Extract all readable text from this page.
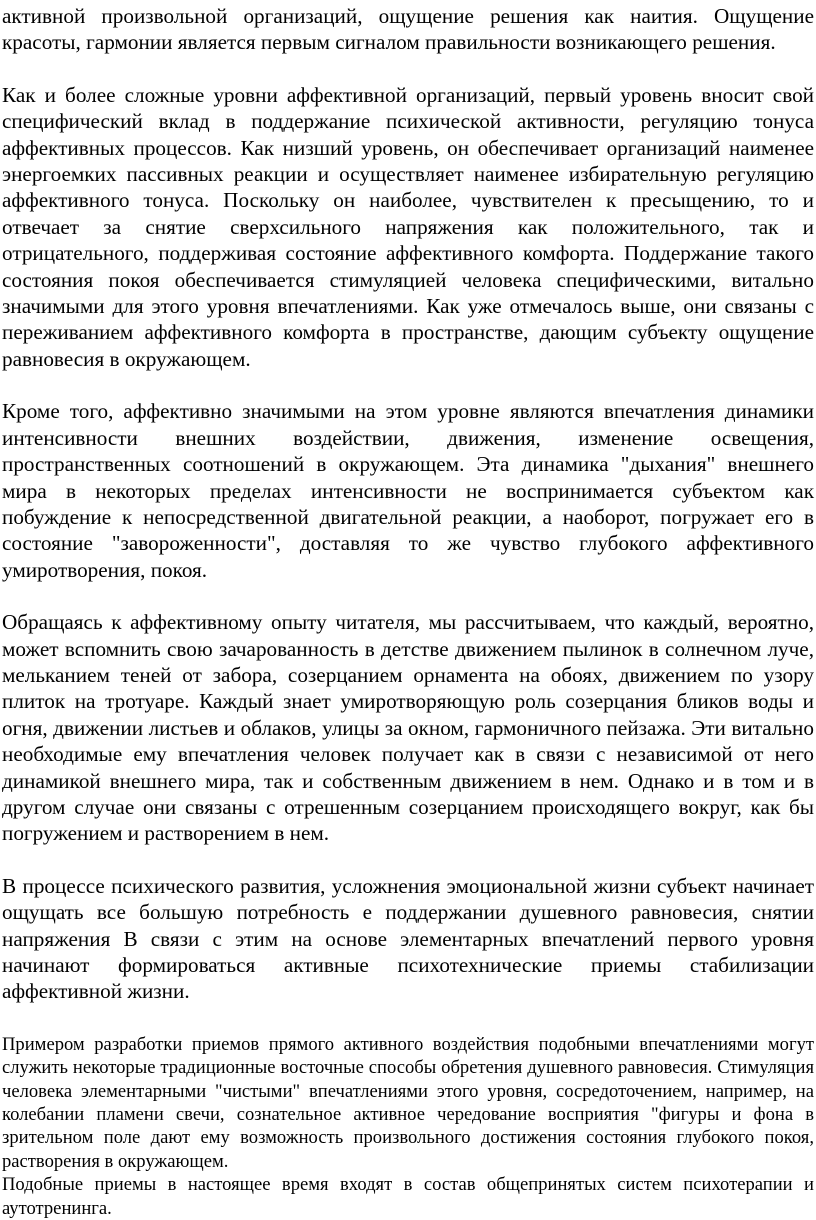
активной произвольной организаций, ощущение решения как наития. Ощущение красоты, гармонии является первым сигналом правильности возникающего решения.

Как и более сложные уровни аффективной организаций, первый уровень вносит свой специфический вклад в поддержание психической активности, регуляцию тонуса аффективных процессов. Как низший уровень, он обеспечивает организаций наименее энергоемких пассивных реакции и осуществляет наименее избирательную регуляцию аффективного тонуса. Поскольку он наиболее, чувствителен к пресыщению, то и отвечает за снятие сверхсильного напряжения как положительного, так и отрицательного, поддерживая состояние аффективного комфорта. Поддержание такого состояния покоя обеспечивается стимуляцией человека специфическими, витально значимыми для этого уровня впечатлениями. Как уже отмечалось выше, они связаны с переживанием аффективного комфорта в пространстве, дающим субъекту ощущение равновесия в окружающем.

Кроме того, аффективно значимыми на этом уровне являются впечатления динамики интенсивности внешних воздействии, движения, изменение освещения, пространственных соотношений в окружающем. Эта динамика "дыхания" внешнего мира в некоторых пределах интенсивности не воспринимается субъектом как побуждение к непосредственной двигательной реакции, а наоборот, погружает его в состояние "завороженности", доставляя то же чувство глубокого аффективного умиротворения, покоя.

Обращаясь к аффективному опыту читателя, мы рассчитываем, что каждый, вероятно, может вспомнить свою зачарованность в детстве движением пылинок в солнечном луче, мельканием теней от забора, созерцанием орнамента на обоях, движением по узору плиток на тротуаре. Каждый знает умиротворяющую роль созерцания бликов воды и огня, движении листьев и облаков, улицы за окном, гармоничного пейзажа. Эти витально необходимые ему впечатления человек получает как в связи с независимой от него динамикой внешнего мира, так и собственным движением в нем. Однако и в том и в другом случае они связаны с отрешенным созерцанием происходящего вокруг, как бы погружением и растворением в нем.

В процессе психического развития, усложнения эмоциональной жизни субъект начинает ощущать все большую потребность е поддержании душевного равновесия, снятии напряжения В связи с этим на основе элементарных впечатлений первого уровня начинают формироваться активные психотехнические приемы стабилизации аффективной жизни.

Примером разработки приемов прямого активного воздействия подобными впечатлениями могут служить некоторые традиционные восточные способы обретения душевного равновесия. Стимуляция человека элементарными "чистыми" впечатлениями этого уровня, сосредоточением, например, на колебании пламени свечи, сознательное активное чередование восприятия "фигуры и фона в зрительном поле дают ему возможность произвольного достижения состояния глубокого покоя, растворения в окружающем.

Подобные приемы в настоящее время входят в состав общепринятых систем психотерапии и аутотренинга.
